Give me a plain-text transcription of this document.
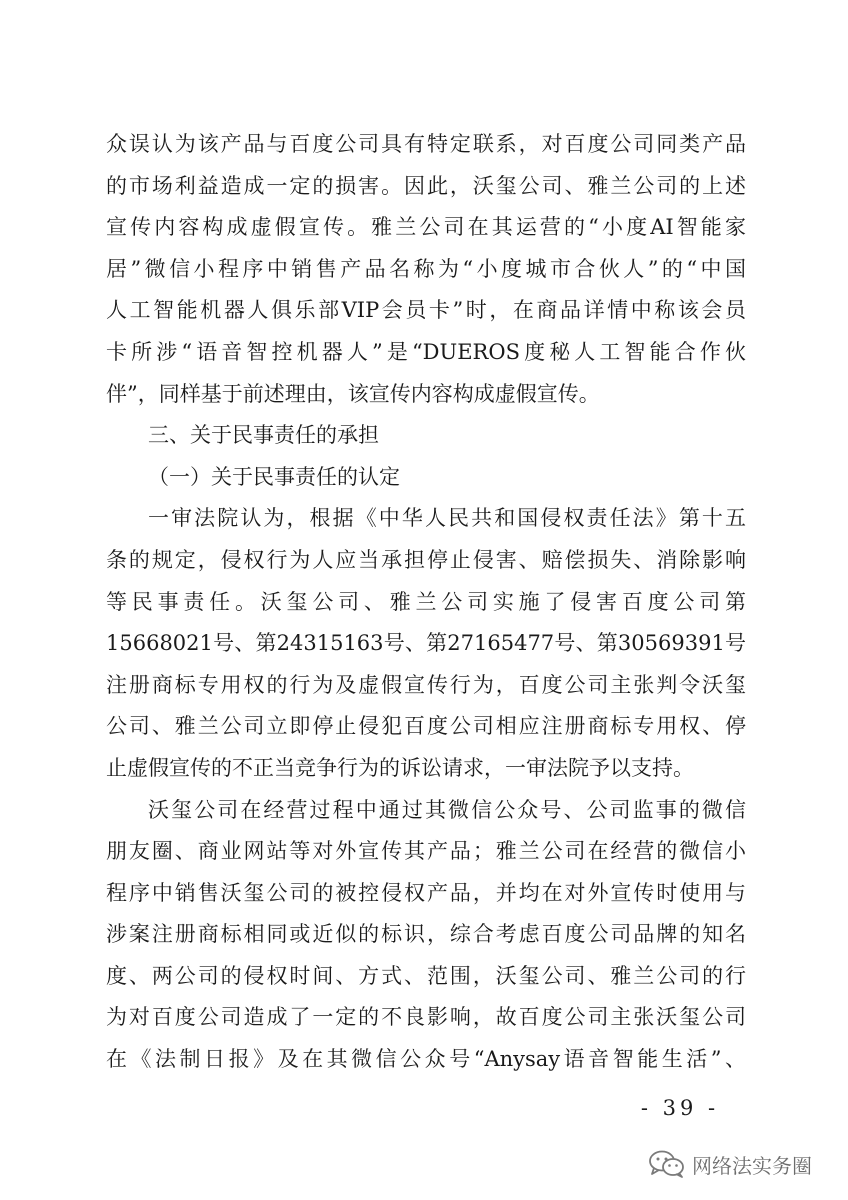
众误认为该产品与百度公司具有特定联系，对百度公司同类产品
的市场利益造成一定的损害。因此，沃玺公司、雅兰公司的上述
宣传内容构成虚假宣传。雅兰公司在其运营的“小度AI智能家
居”微信小程序中销售产品名称为“小度城市合伙人”的“中国
人工智能机器人俱乐部VIP会员卡”时，在商品详情中称该会员
卡所涉“语音智控机器人”是“DUEROS度秘人工智能合作伙
伴”，同样基于前述理由，该宣传内容构成虚假宣传。
三、关于民事责任的承担
（一）关于民事责任的认定
一审法院认为，根据《中华人民共和国侵权责任法》第十五
条的规定，侵权行为人应当承担停止侵害、赔偿损失、消除影响
等民事责任。沃玺公司、雅兰公司实施了侵害百度公司第
15668021号、第24315163号、第27165477号、第30569391号
注册商标专用权的行为及虚假宣传行为，百度公司主张判令沃玺
公司、雅兰公司立即停止侵犯百度公司相应注册商标专用权、停
止虚假宣传的不正当竞争行为的诉讼请求，一审法院予以支持。
沃玺公司在经营过程中通过其微信公众号、公司监事的微信
朋友圈、商业网站等对外宣传其产品；雅兰公司在经营的微信小
程序中销售沃玺公司的被控侵权产品，并均在对外宣传时使用与
涉案注册商标相同或近似的标识，综合考虑百度公司品牌的知名
度、两公司的侵权时间、方式、范围，沃玺公司、雅兰公司的行
为对百度公司造成了一定的不良影响，故百度公司主张沃玺公司
在《法制日报》及在其微信公众号“Anysay语音智能生活”、
- 39 -
网络法实务圈
